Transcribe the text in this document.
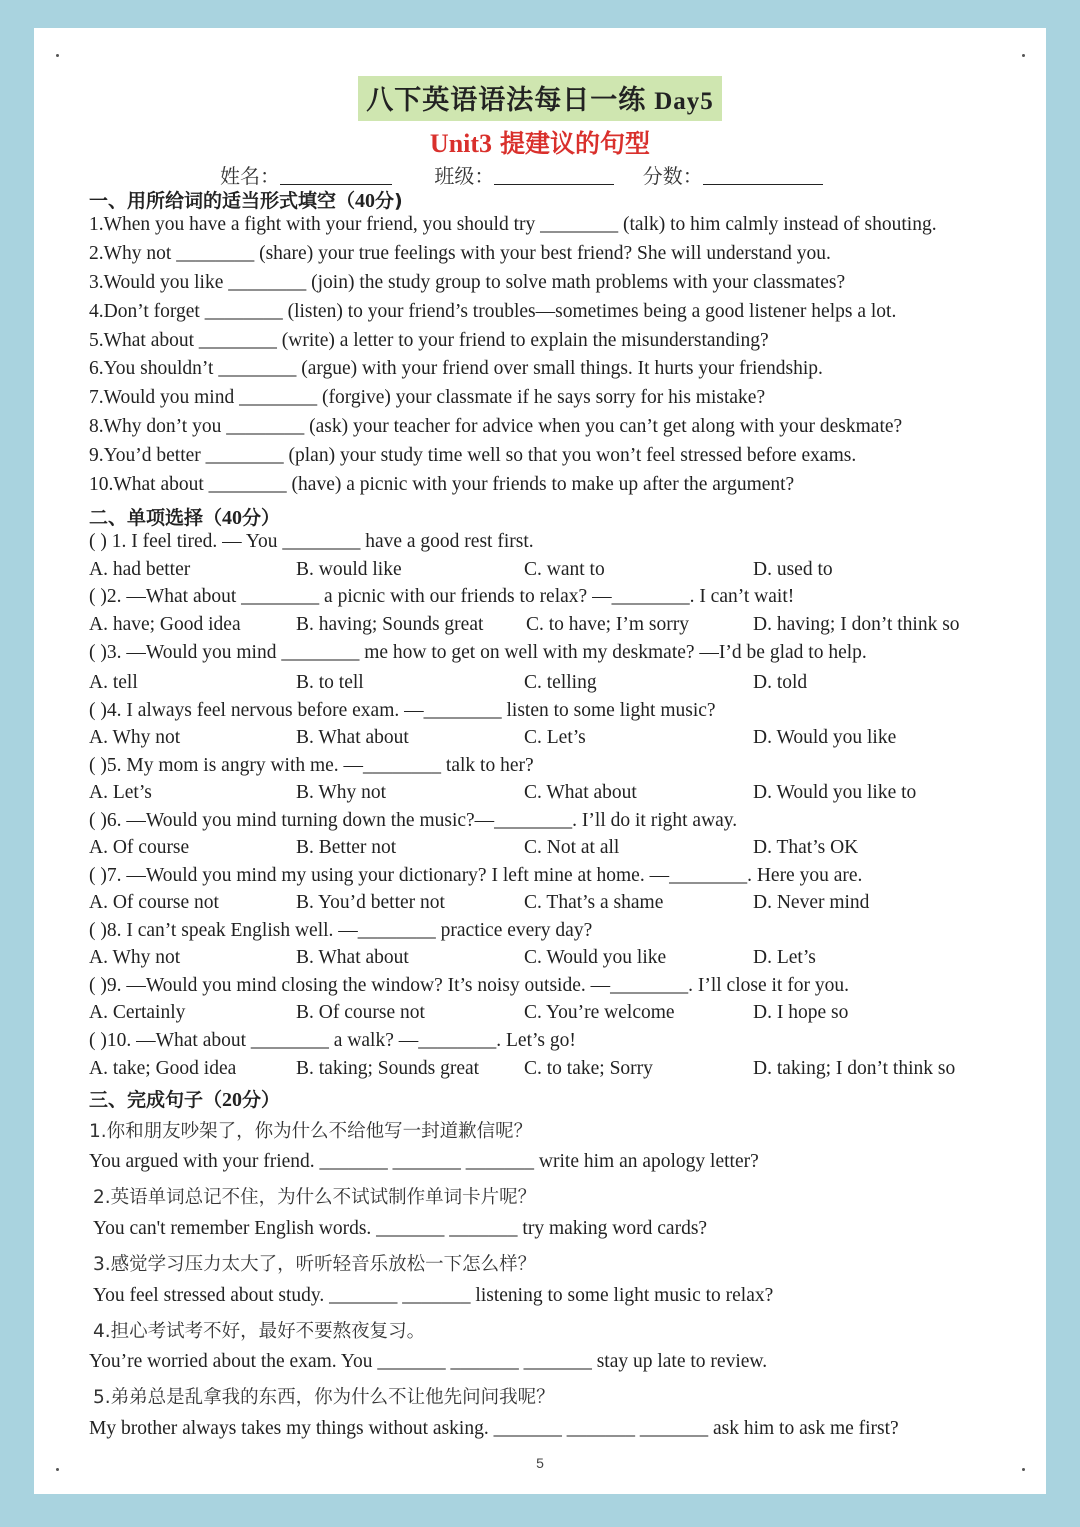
八下英语语法每日一练 Day5
Unit3 提建议的句型
姓名：	班级：	分数：
一、用所给词的适当形式填空（40分)
1.When you have a fight with your friend, you should try ________ (talk) to him calmly instead of shouting.
2.Why not ________ (share) your true feelings with your best friend? She will understand you.
3.Would you like ________ (join) the study group to solve math problems with your classmates?
4.Don’t forget ________ (listen) to your friend’s troubles—sometimes being a good listener helps a lot.
5.What about ________ (write) a letter to your friend to explain the misunderstanding?
6.You shouldn’t ________ (argue) with your friend over small things. It hurts your friendship.
7.Would you mind ________ (forgive) your classmate if he says sorry for his mistake?
8.Why don’t you ________ (ask) your teacher for advice when you can’t get along with your deskmate?
9.You’d better ________ (plan) your study time well so that you won’t feel stressed before exams.
10.What about ________ (have) a picnic with your friends to make up after the argument?
二、单项选择（40分）
( ) 1. I feel tired. — You ________ have a good rest first.
A. had better	B. would like	C. want to	D. used to
( )2. —What about ________ a picnic with our friends to relax? —________. I can’t wait!
A. have; Good idea	B. having; Sounds great C. to have; I’m sorry	D. having; I don’t think so
( )3. —Would you mind ________ me how to get on well with my deskmate? —I’d be glad to help.
A. tell	B. to tell	C. telling	D. told
( )4. I always feel nervous before exam. —________ listen to some light music?
A. Why not	B. What about	C. Let’s	D. Would you like
( )5. My mom is angry with me. —________ talk to her?
A. Let’s	B. Why not	C. What about	D. Would you like to
( )6. —Would you mind turning down the music?—________. I’ll do it right away.
A. Of course	B. Better not	C. Not at all	D. That’s OK
( )7. —Would you mind my using your dictionary? I left mine at home. —________. Here you are.
A. Of course not	B. You’d better not	C. That’s a shame	D. Never mind
( )8. I can’t speak English well. —________ practice every day?
A. Why not	B. What about	C. Would you like	D. Let’s
( )9. —Would you mind closing the window? It’s noisy outside. —________. I’ll close it for you.
A. Certainly	B. Of course not	C. You’re welcome	D. I hope so
( )10. —What about ________ a walk? —________. Let’s go!
A. take; Good idea	B. taking; Sounds great C. to take; Sorry	D. taking; I don’t think so
三、完成句子（20分）
1.你和朋友吵架了，你为什么不给他写一封道歉信呢？
You argued with your friend. _______ _______ _______ write him an apology letter?
2.英语单词总记不住，为什么不试试制作单词卡片呢？
You can't remember English words. _______ _______ try making word cards?
3.感觉学习压力太大了，听听轻音乐放松一下怎么样？
You feel stressed about study. _______ _______ listening to some light music to relax?
4.担心考试考不好，最好不要熬夜复习。
You’re worried about the exam. You _______ _______ _______ stay up late to review.
5.弟弟总是乱拿我的东西，你为什么不让他先问问我呢？
My brother always takes my things without asking. _______ _______ _______ ask him to ask me first?
5
